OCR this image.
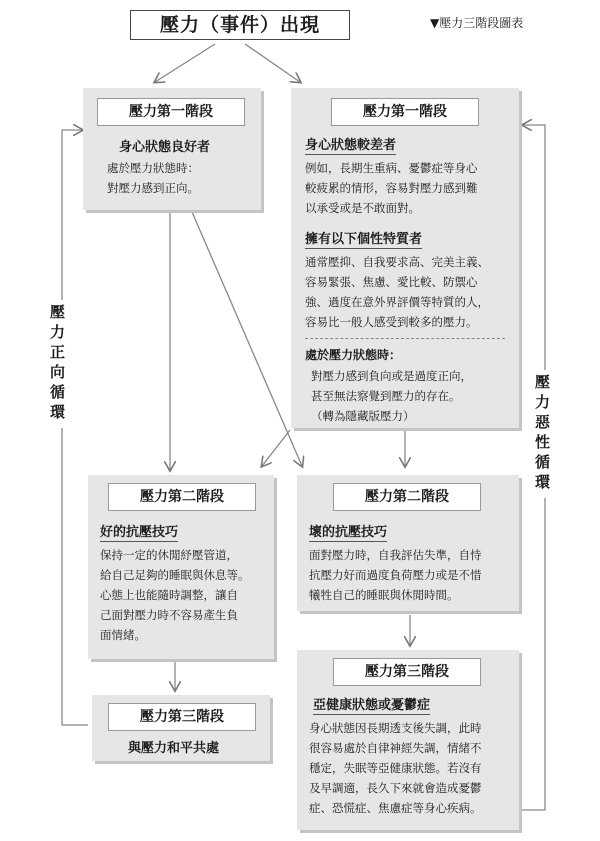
壓力（事件）出現	▼壓力三階段圖表
壓力正向循環
壓力惡性循環
壓力第一階段
身心狀態良好者
處於壓力狀態時：
對壓力感到正向。
壓力第一階段
身心狀態較差者
例如，長期生重病、憂鬱症等身心
較疲累的情形，容易對壓力感到難
以承受或是不敢面對。
擁有以下個性特質者
通常壓抑、自我要求高、完美主義、
容易緊張、焦慮、愛比較、防禦心
強、過度在意外界評價等特質的人，
容易比一般人感受到較多的壓力。
處於壓力狀態時：
對壓力感到負向或是過度正向，
甚至無法察覺到壓力的存在。
（轉為隱藏版壓力）
壓力第二階段
好的抗壓技巧
保持一定的休閒紓壓管道，
給自己足夠的睡眠與休息等。
心態上也能隨時調整，讓自
己面對壓力時不容易產生負
面情緒。
壓力第二階段
壞的抗壓技巧
面對壓力時，自我評估失準，自恃
抗壓力好而過度負荷壓力或是不惜
犧牲自己的睡眠與休閒時間。
壓力第三階段
與壓力和平共處
壓力第三階段
亞健康狀態或憂鬱症
身心狀態因長期透支後失調，此時
很容易處於自律神經失調，情緒不
穩定，失眠等亞健康狀態。若沒有
及早調適，長久下來就會造成憂鬱
症、恐慌症、焦慮症等身心疾病。
